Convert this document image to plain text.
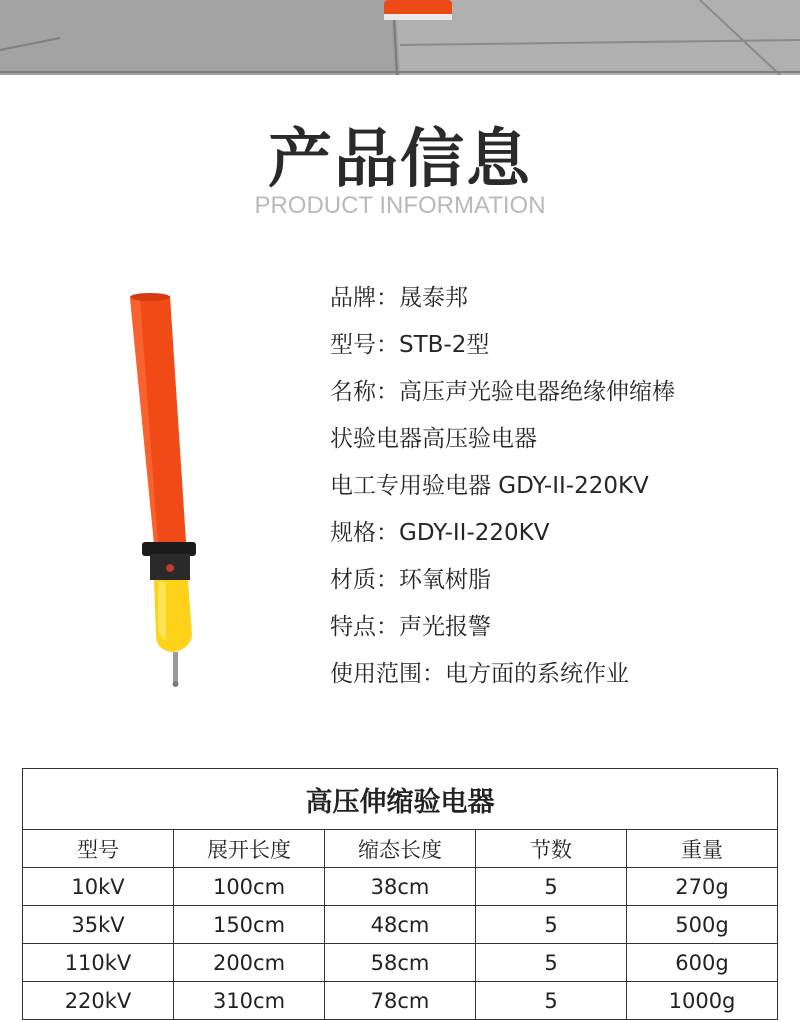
产品信息
PRODUCT INFORMATION
品牌：晟泰邦
型号：STB-2型
名称：高压声光验电器绝缘伸缩棒
状验电器高压验电器
电工专用验电器 GDY-II-220KV
规格：GDY-II-220KV
材质：环氧树脂
特点：声光报警
使用范围：电方面的系统作业
高压伸缩验电器				
型号	展开长度	缩态长度	节数	重量
10kV	100cm	38cm	5	270g
35kV	150cm	48cm	5	500g
110kV	200cm	58cm	5	600g
220kV	310cm	78cm	5	1000g
